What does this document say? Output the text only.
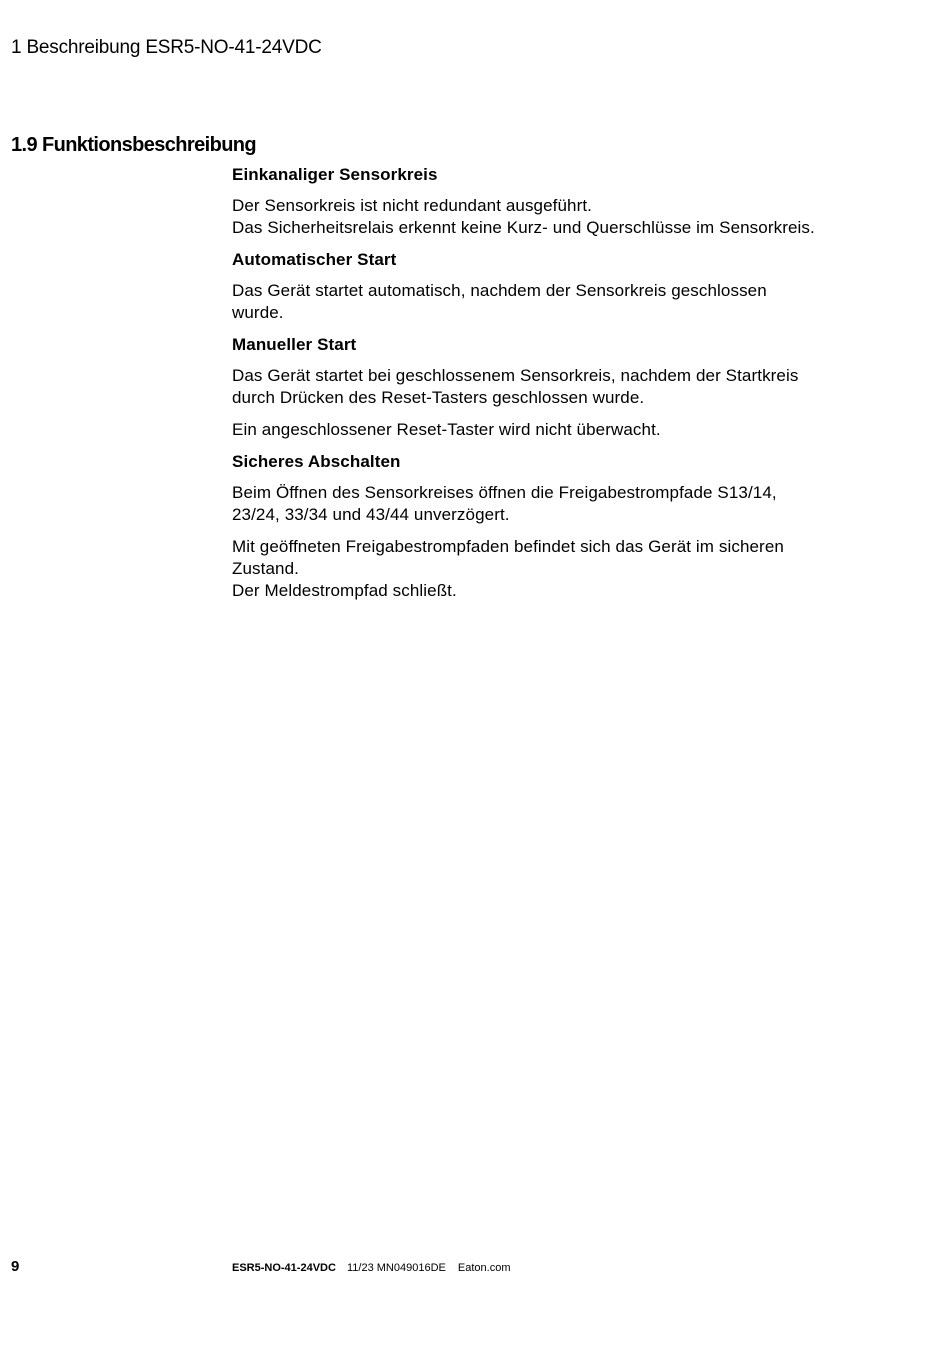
1 Beschreibung ESR5-NO-41-24VDC
1.9 Funktionsbeschreibung
Einkanaliger Sensorkreis

Der Sensorkreis ist nicht redundant ausgeführt.
Das Sicherheitsrelais erkennt keine Kurz- und Querschlüsse im Sensorkreis.

Automatischer Start

Das Gerät startet automatisch, nachdem der Sensorkreis geschlossen
wurde.

Manueller Start

Das Gerät startet bei geschlossenem Sensorkreis, nachdem der Startkreis
durch Drücken des Reset-Tasters geschlossen wurde.

Ein angeschlossener Reset-Taster wird nicht überwacht.

Sicheres Abschalten

Beim Öffnen des Sensorkreises öffnen die Freigabestrompfade S13/14,
23/24, 33/34 und 43/44 unverzögert.

Mit geöffneten Freigabestrompfaden befindet sich das Gerät im sicheren
Zustand.
Der Meldestrompfad schließt.

9	ESR5-NO-41-24VDC 11/23 MN049016DE Eaton.com
